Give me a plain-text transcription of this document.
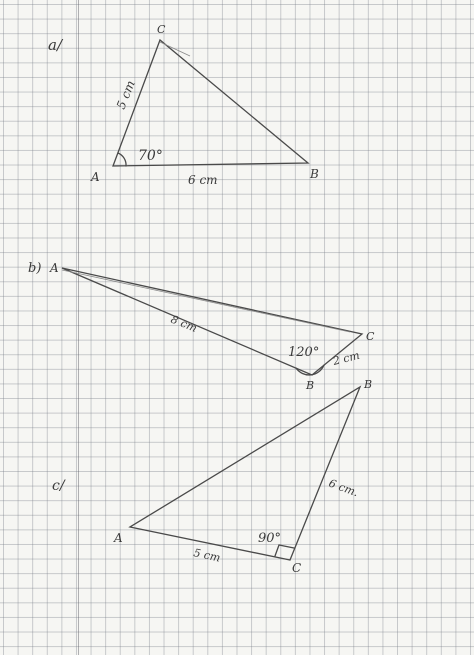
a/
A
C
B
5 cm
6 cm
70°
b) A
B
C
8 cm
2 cm
120°
c/
A
C
B
5 cm
6 cm.
90°
